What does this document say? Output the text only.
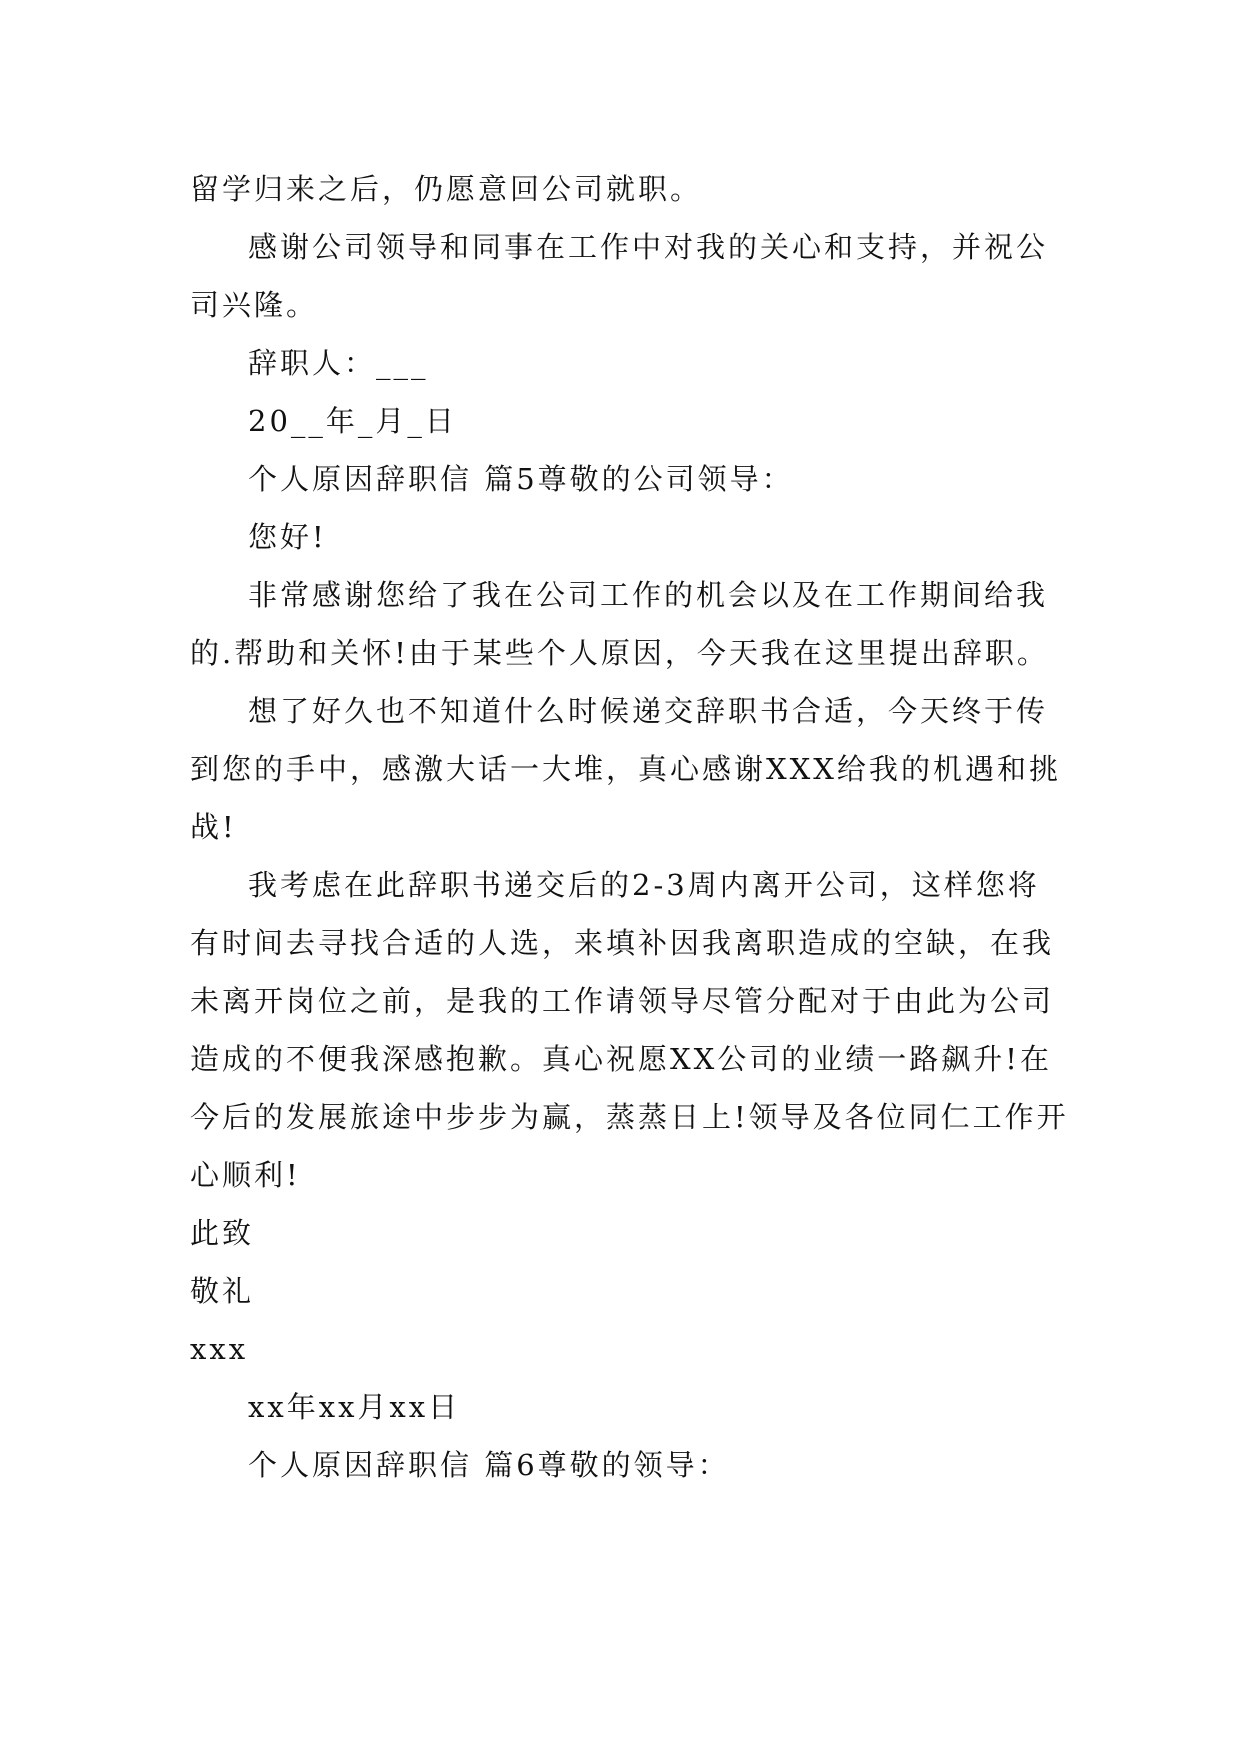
留学归来之后，仍愿意回公司就职。

感谢公司领导和同事在工作中对我的关心和支持，并祝公司兴隆。

辞职人：___

20__年_月_日

个人原因辞职信 篇5尊敬的公司领导：

您好!

非常感谢您给了我在公司工作的机会以及在工作期间给我的.帮助和关怀!由于某些个人原因，今天我在这里提出辞职。

想了好久也不知道什么时候递交辞职书合适，今天终于传到您的手中，感激大话一大堆，真心感谢XXX给我的机遇和挑战!

我考虑在此辞职书递交后的2-3周内离开公司，这样您将有时间去寻找合适的人选，来填补因我离职造成的空缺，在我未离开岗位之前，是我的工作请领导尽管分配对于由此为公司造成的不便我深感抱歉。真心祝愿XX公司的业绩一路飙升!在今后的发展旅途中步步为赢，蒸蒸日上!领导及各位同仁工作开心顺利!

此致

敬礼

xxx

xx年xx月xx日

个人原因辞职信 篇6尊敬的领导：
